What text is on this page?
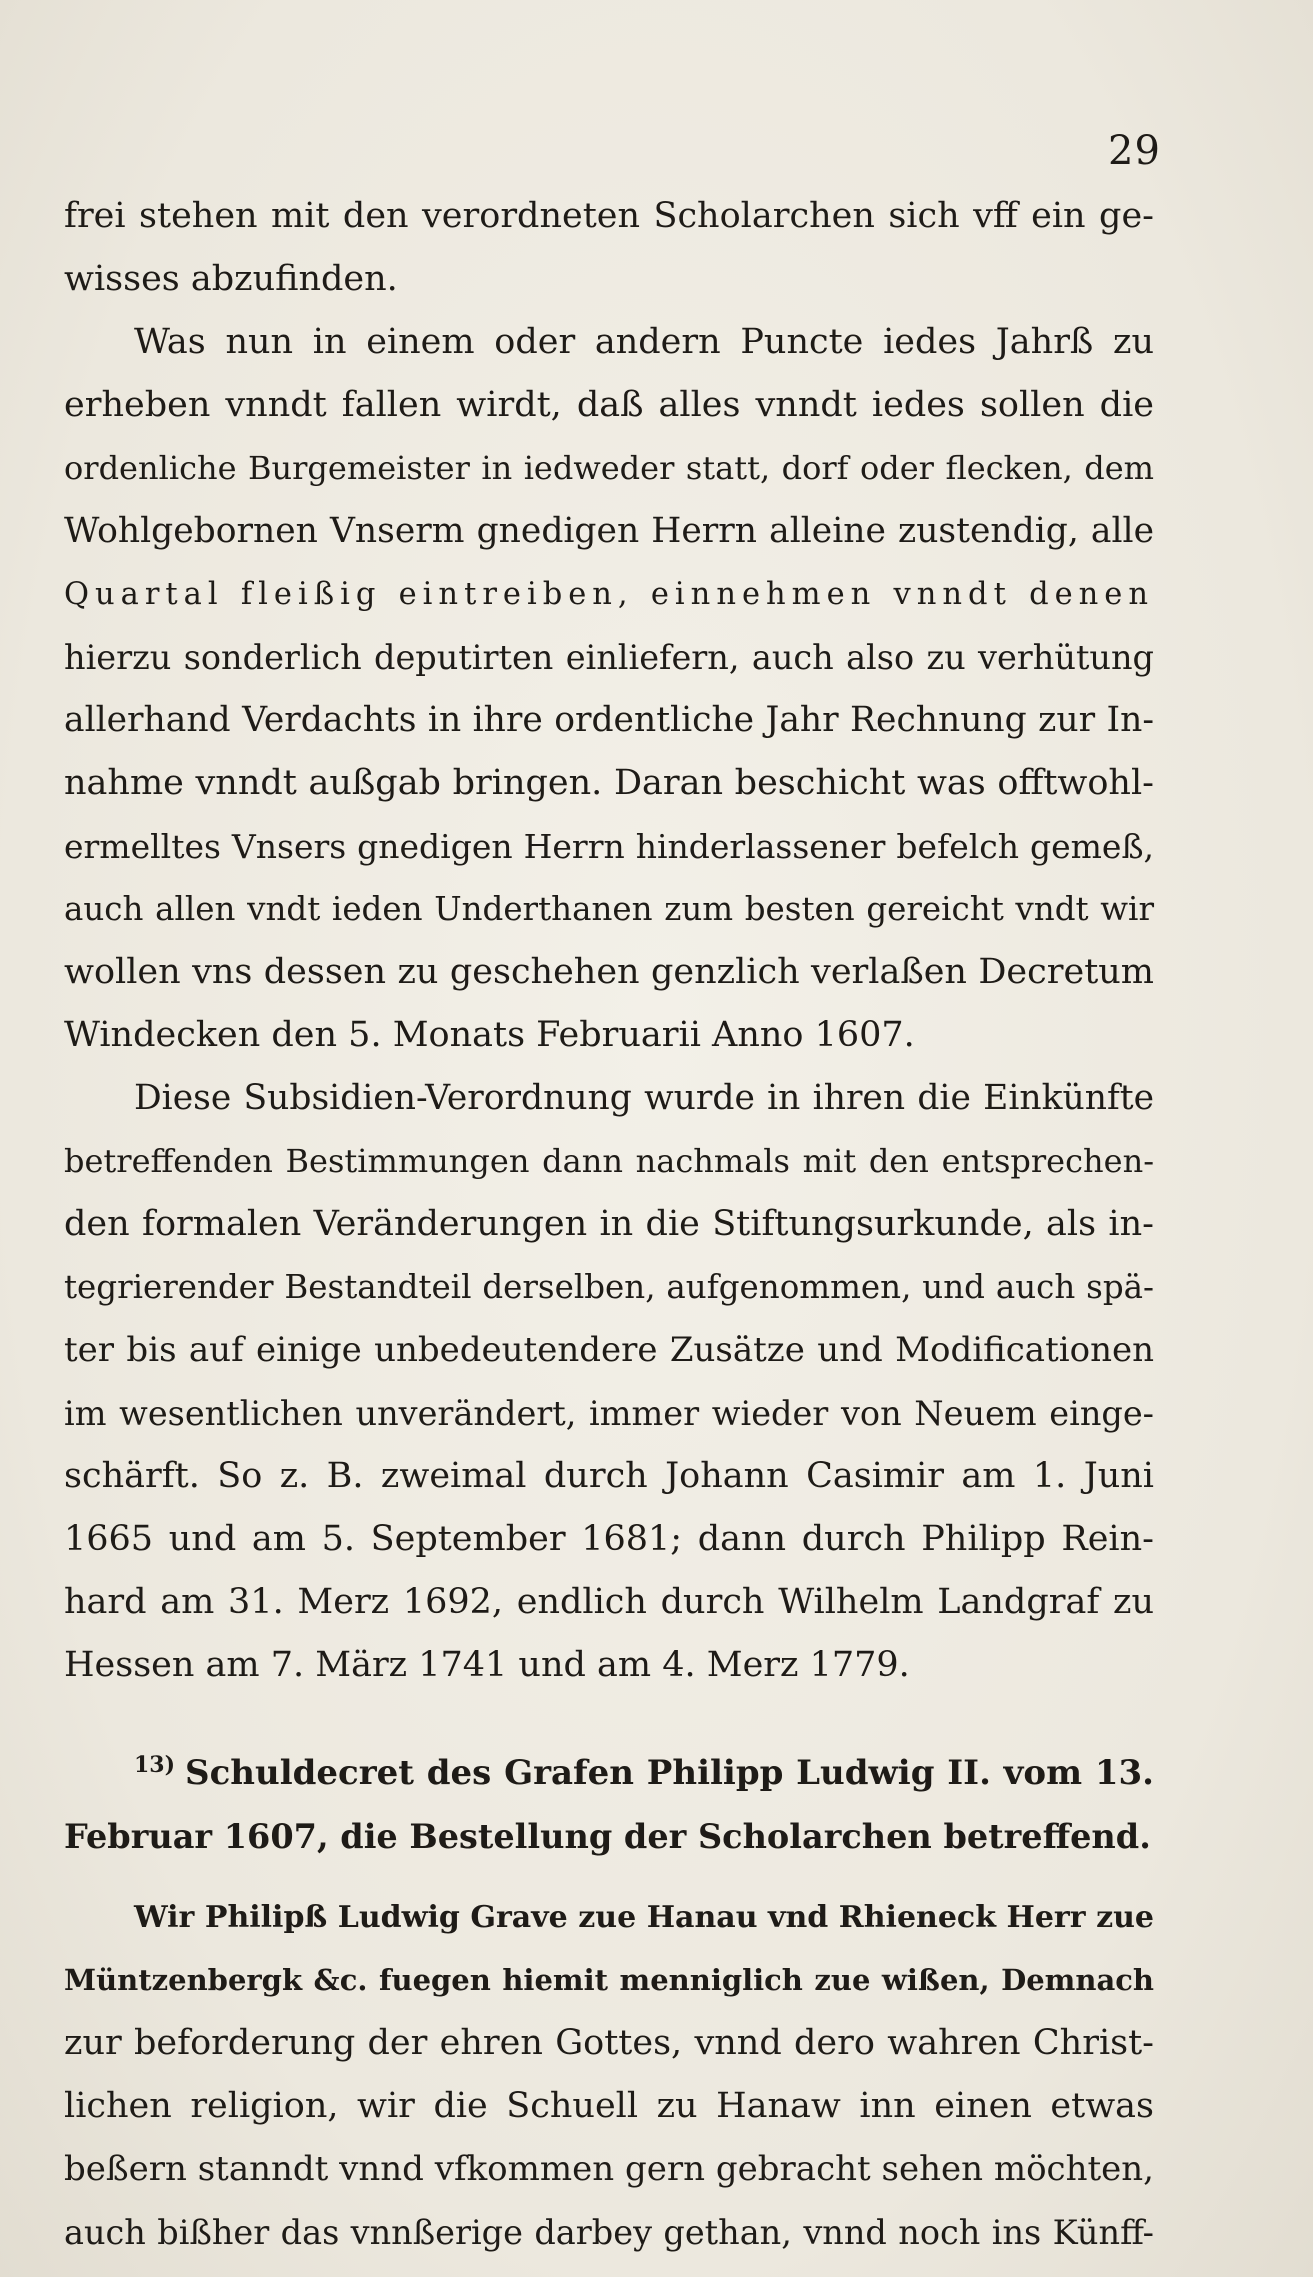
29
frei stehen mit den verordneten Scholarchen sich vff ein ge-
wisses abzufinden.
Was nun in einem oder andern Puncte iedes Jahrß zu
erheben vnndt fallen wirdt, daß alles vnndt iedes sollen die
ordenliche Burgemeister in iedweder statt, dorf oder flecken, dem
Wohlgebornen Vnserm gnedigen Herrn alleine zustendig, alle
Quartal fleißig eintreiben, einnehmen vnndt denen
hierzu sonderlich deputirten einliefern, auch also zu verhütung
allerhand Verdachts in ihre ordentliche Jahr Rechnung zur In-
nahme vnndt außgab bringen. Daran beschicht was offtwohl-
ermelltes Vnsers gnedigen Herrn hinderlassener befelch gemeß,
auch allen vndt ieden Underthanen zum besten gereicht vndt wir
wollen vns dessen zu geschehen genzlich verlaßen Decretum
Windecken den 5. Monats Februarii Anno 1607.
Diese Subsidien-Verordnung wurde in ihren die Einkünfte
betreffenden Bestimmungen dann nachmals mit den entsprechen-
den formalen Veränderungen in die Stiftungsurkunde, als in-
tegrierender Bestandteil derselben, aufgenommen, und auch spä-
ter bis auf einige unbedeutendere Zusätze und Modificationen
im wesentlichen unverändert, immer wieder von Neuem einge-
schärft. So z. B. zweimal durch Johann Casimir am 1. Juni
1665 und am 5. September 1681; dann durch Philipp Rein-
hard am 31. Merz 1692, endlich durch Wilhelm Landgraf zu
Hessen am 7. März 1741 und am 4. Merz 1779.
$^{13)}$ Schuldecret des Grafen Philipp Ludwig II. vom 13.
Februar 1607, die Bestellung der Scholarchen betreffend.
Wir Philipß Ludwig Grave zue Hanau vnd Rhieneck Herr zue
Müntzenbergk &c. fuegen hiemit menniglich zue wißen, Demnach
zur beforderung der ehren Gottes, vnnd dero wahren Christ-
lichen religion, wir die Schuell zu Hanaw inn einen etwas
beßern stanndt vnnd vfkommen gern gebracht sehen möchten,
auch bißher das vnnßerige darbey gethan, vnnd noch ins Künff-
